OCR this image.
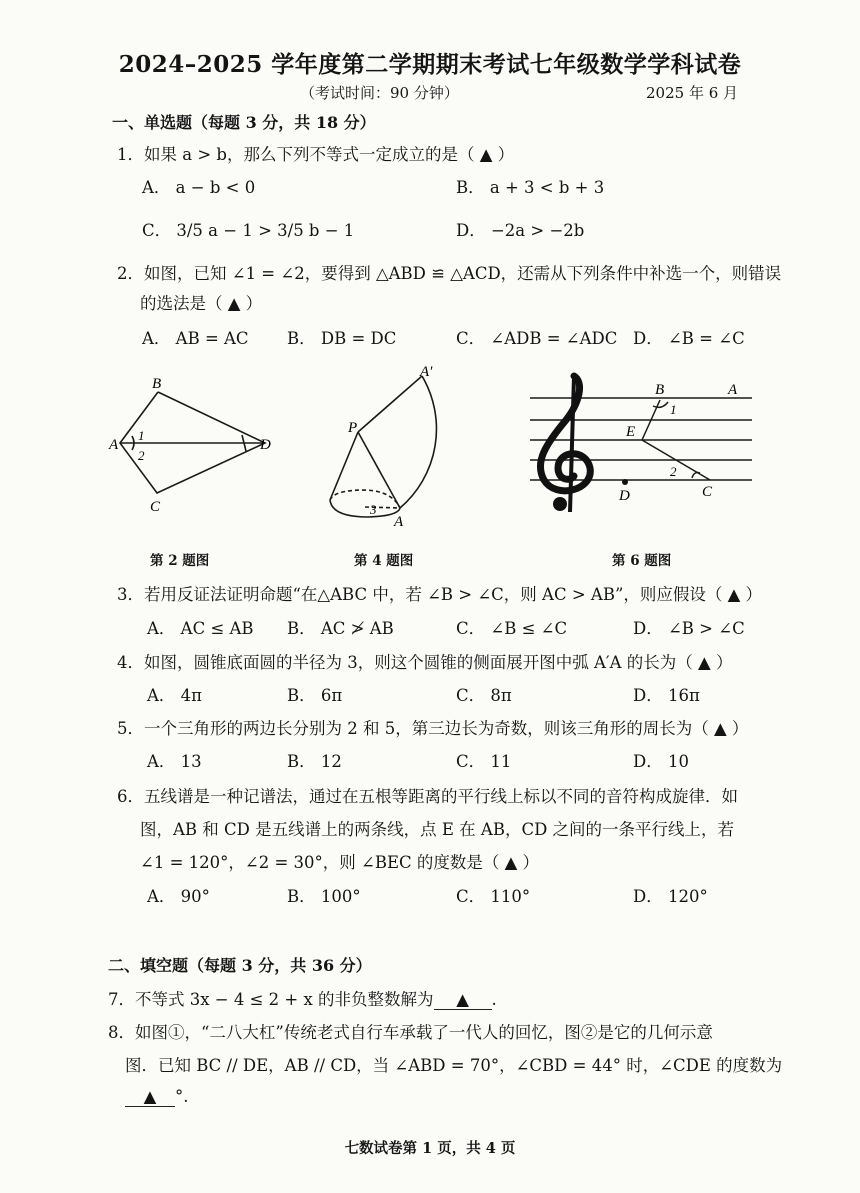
2024–2025 学年度第二学期期末考试七年级数学学科试卷
（考试时间：90 分钟）	2025 年 6 月
一、单选题（每题 3 分，共 18 分）
1．如果 a > b，那么下列不等式一定成立的是（ ▲ ）
A． a − b < 0	B． a + 3 < b + 3
C． 3/5 a − 1 > 3/5 b − 1	D． −2a > −2b
2．如图，已知 ∠1 = ∠2，要得到 △ABD ≌ △ACD，还需从下列条件中补选一个，则错误
的选法是（ ▲ ）
A． AB = AC B． DB = DC	C． ∠ADB = ∠ADC D． ∠B = ∠C
B
A
1
2
C
D
P
A′
A
3
B	A
1
E
2
C
D
第 2 题图	第 4 题图	第 6 题图
3．若用反证法证明命题“在△ABC 中，若 ∠B > ∠C，则 AC > AB”，则应假设（ ▲ ）
A． AC ≤ AB B． AC ≯ AB	C． ∠B ≤ ∠C	D． ∠B > ∠C
4．如图，圆锥底面圆的半径为 3，则这个圆锥的侧面展开图中弧 A′A 的长为（ ▲ ）
A． 4π	B． 6π	C． 8π	D． 16π
5．一个三角形的两边长分别为 2 和 5，第三边长为奇数，则该三角形的周长为（ ▲ ）
A． 13	B． 12	C． 11	D． 10
6．五线谱是一种记谱法，通过在五根等距离的平行线上标以不同的音符构成旋律．如
图，AB 和 CD 是五线谱上的两条线，点 E 在 AB，CD 之间的一条平行线上，若
∠1 = 120°，∠2 = 30°，则 ∠BEC 的度数是（ ▲ ）
A． 90°	B． 100°	C． 110°	D． 120°
二、填空题（每题 3 分，共 36 分）
7．不等式 3x − 4 ≤ 2 + x 的非负整数解为 ▲ .
8．如图①，“二八大杠”传统老式自行车承载了一代人的回忆，图②是它的几何示意
图．已知 BC // DE，AB // CD，当 ∠ABD = 70°，∠CBD = 44° 时，∠CDE 的度数为
▲ °.
七数试卷第 1 页，共 4 页
